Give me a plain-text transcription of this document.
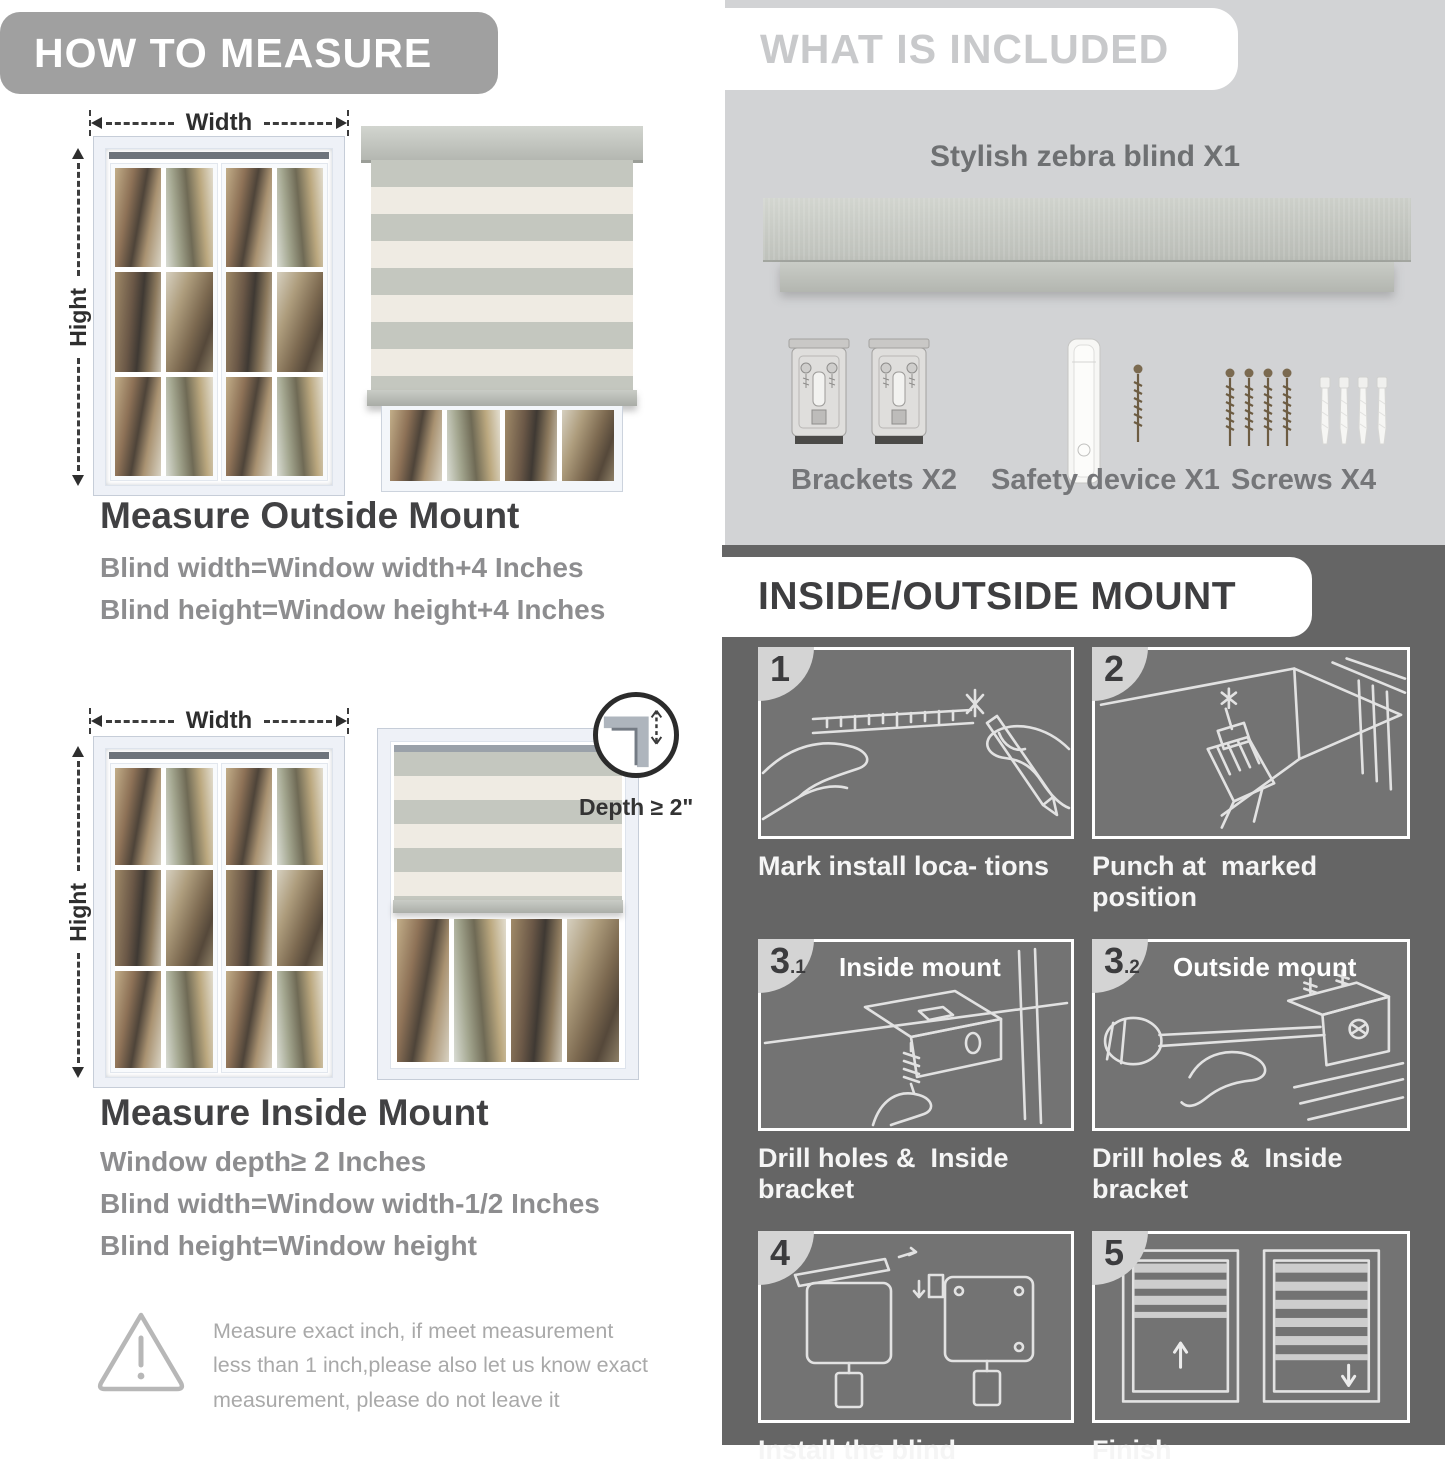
HOW TO MEASURE
Width
Hight
Measure Outside Mount

Blind width=Window width+4 Inches

Blind height=Window height+4 Inches

Width
Hight
Depth ≥ 2"
Measure Inside Mount

Window depth≥ 2 Inches

Blind width=Window width-1/2 Inches

Blind height=Window height

Measure exact inch, if meet measurement less than 1 inch,please also let us know exact measurement, please do not leave it

Stylish zebra blind X1
Brackets X2 Safety device X1 Screws X4
WHAT IS INCLUDED
INSIDE/OUTSIDE MOUNT
1
Mark install loca- tions
2
Punch at  marked position
3 .1 Inside mount
Drill holes &  Inside bracket
3 .2 Outside mount
Drill holes &  Inside bracket
4
Install the blind
5
Finish
